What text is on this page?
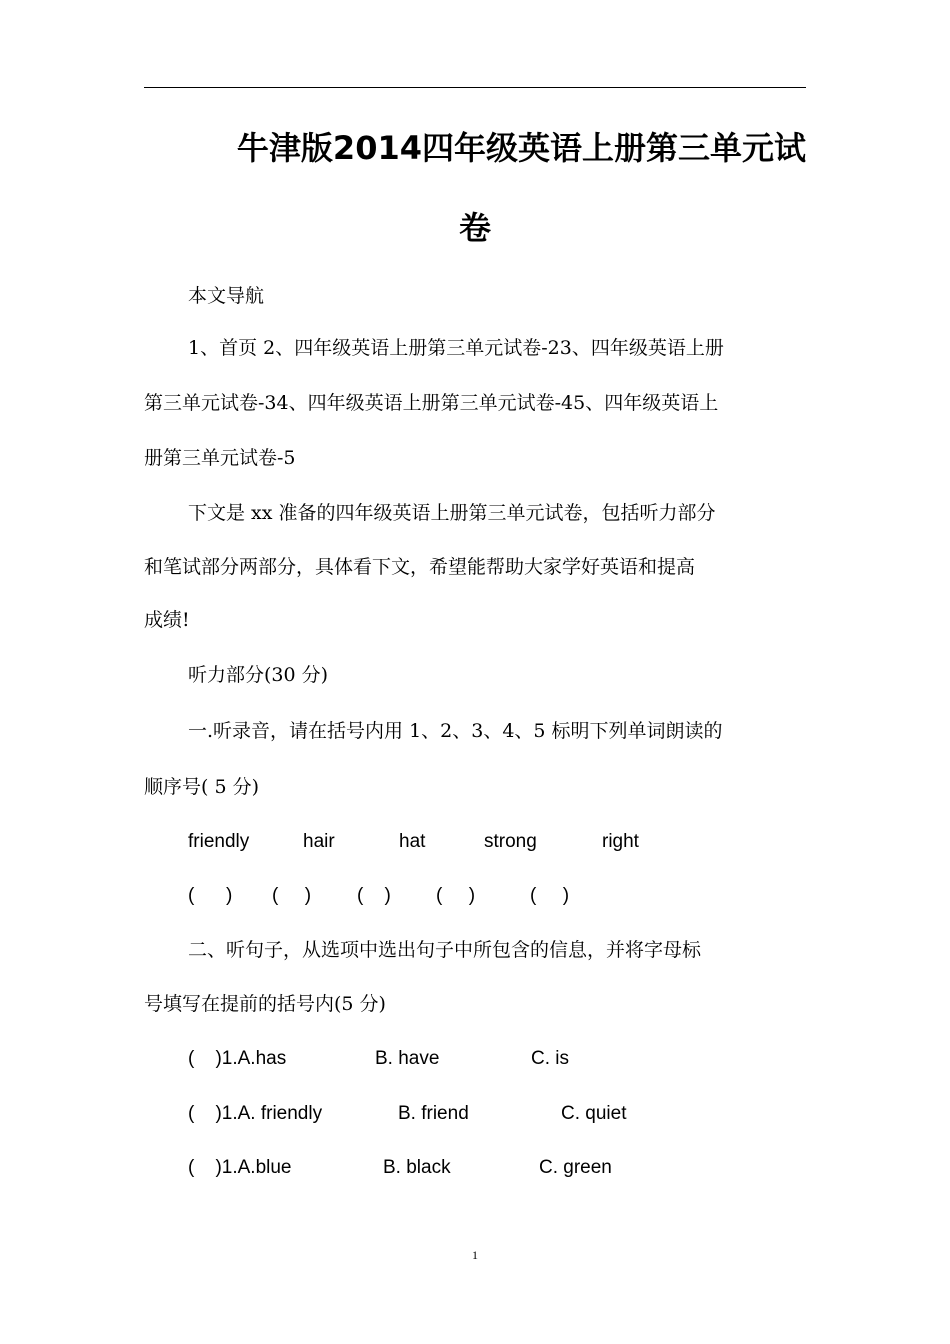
牛津版2014四年级英语上册第三单元试
卷
本文导航
1、首页 2、四年级英语上册第三单元试卷-23、四年级英语上册
第三单元试卷-34、四年级英语上册第三单元试卷-45、四年级英语上
册第三单元试卷-5
下文是 xx 准备的四年级英语上册第三单元试卷，包括听力部分
和笔试部分两部分，具体看下文，希望能帮助大家学好英语和提高
成绩!
听力部分(30 分)
一.听录音，请在括号内用 1、2、3、4、5 标明下列单词朗读的
顺序号( 5 分)
friendly	hair	hat	strong	right
(      ) (     ) (    ) (     )	(     )
二、听句子，从选项中选出句子中所包含的信息，并将字母标
号填写在提前的括号内(5 分)
(    )1.A.has	B. have	C. is
(    )1.A. friendly	B. friend	C. quiet
(    )1.A.blue	B. black	C. green
1
